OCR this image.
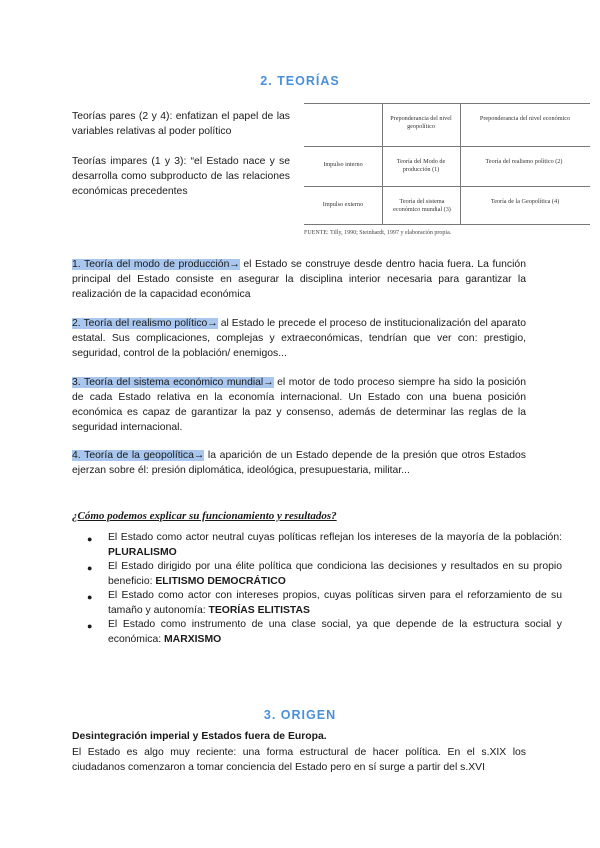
2. TEORÍAS
Teorías pares (2 y 4): enfatizan el papel de las variables relativas al poder político
Teorías impares (1 y 3): “el Estado nace y se desarrolla como subproducto de las relaciones económicas precedentes
Preponderancia del nivel geopolítico
Preponderancia del nivel económico
Impulso interno
Impulso externo
Teoría del Modo de producción (1)
Teoría del realismo político (2)
Teoría del sistema económico mundial (3)
Teoría de la Geopolítica (4)
FUENTE: Tilly, 1990; Steinhardt, 1997 y elaboración propia.
1. Teoría del modo de producción→ el Estado se construye desde dentro hacia fuera. La función principal del Estado consiste en asegurar la disciplina interior necesaria para garantizar la realización de la capacidad económica
2. Teoría del realismo político→ al Estado le precede el proceso de institucionalización del aparato estatal. Sus complicaciones, complejas y extraeconómicas, tendrían que ver con: prestigio, seguridad, control de la población/ enemigos...
3. Teoría del sistema económico mundial→ el motor de todo proceso siempre ha sido la posición de cada Estado relativa en la economía internacional. Un Estado con una buena posición económica es capaz de garantizar la paz y consenso, además de determinar las reglas de la seguridad internacional.
4. Teoría de la geopolítica→ la aparición de un Estado depende de la presión que otros Estados ejerzan sobre él: presión diplomática, ideológica, presupuestaria, militar...
¿Cómo podemos explicar su funcionamiento y resultados?
● El Estado como actor neutral cuyas políticas reflejan los intereses de la mayoría de la población: PLURALISMO
● El Estado dirigido por una élite política que condiciona las decisiones y resultados en su propio beneficio: ELITISMO DEMOCRÁTICO
● El Estado como actor con intereses propios, cuyas políticas sirven para el reforzamiento de su tamaño y autonomía: TEORÍAS ELITISTAS
● El Estado como instrumento de una clase social, ya que depende de la estructura social y económica: MARXISMO
3. ORIGEN
Desintegración imperial y Estados fuera de Europa.
El Estado es algo muy reciente: una forma estructural de hacer política. En el s.XIX los ciudadanos comenzaron a tomar conciencia del Estado pero en sí surge a partir del s.XVI
